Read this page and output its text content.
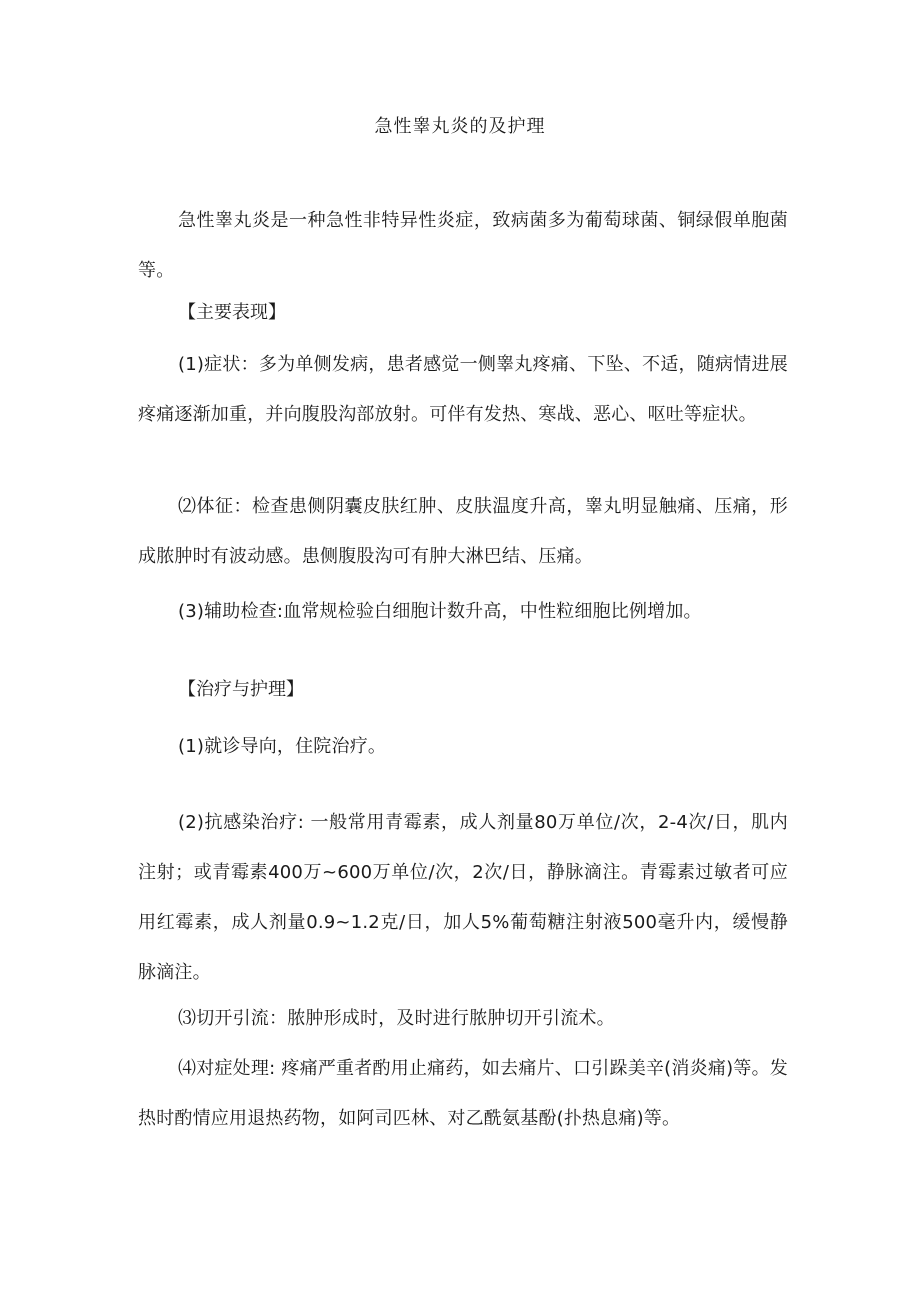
急性睾丸炎的及护理

急性睾丸炎是一种急性非特异性炎症，致病菌多为葡萄球菌、铜绿假单胞菌等。

【主要表现】

(1)症状：多为单侧发病，患者感觉一侧睾丸疼痛、下坠、不适，随病情进展疼痛逐渐加重，并向腹股沟部放射。可伴有发热、寒战、恶心、呕吐等症状。

⑵体征：检查患侧阴囊皮肤红肿、皮肤温度升高，睾丸明显触痛、压痛，形成脓肿时有波动感。患侧腹股沟可有肿大淋巴结、压痛。

(3)辅助检查:血常规检验白细胞计数升高，中性粒细胞比例增加。

【治疗与护理】

(1)就诊导向，住院治疗。

(2)抗感染治疗: 一般常用青霉素，成人剂量80万单位/次，2-4次/日，肌内注射；或青霉素400万~600万单位/次，2次/日，静脉滴注。青霉素过敏者可应用红霉素，成人剂量0.9~1.2克/日，加人5%葡萄糖注射液500毫升内，缓慢静脉滴注。

⑶切开引流：脓肿形成时，及时进行脓肿切开引流术。

⑷对症处理: 疼痛严重者酌用止痛药，如去痛片、口引跺美辛(消炎痛)等。发热时酌情应用退热药物，如阿司匹林、对乙酰氨基酚(扑热息痛)等。
